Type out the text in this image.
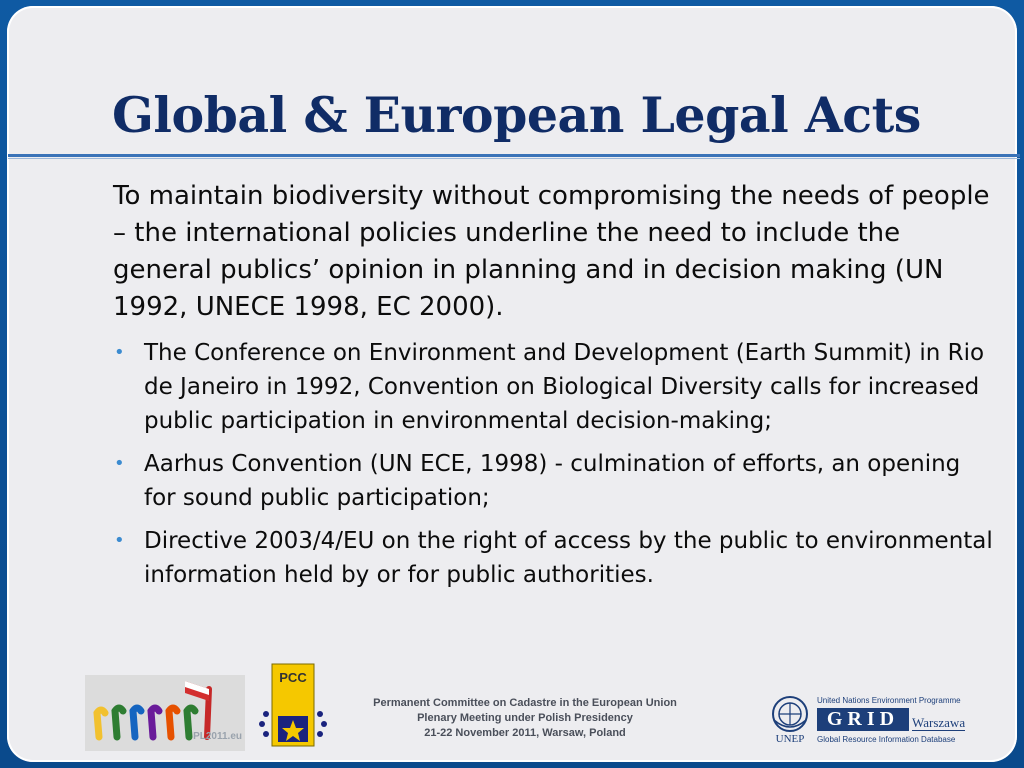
Global & European Legal Acts
To maintain biodiversity without compromising the needs of people – the international policies underline the need to include the general publics’ opinion in planning and in decision making (UN 1992, UNECE 1998, EC 2000).
• The Conference on Environment and Development (Earth Summit) in Rio de Janeiro in 1992, Convention on Biological Diversity calls for increased public participation in environmental decision-making;
• Aarhus Convention (UN ECE, 1998) - culmination of efforts, an opening for sound public participation;
• Directive 2003/4/EU on the right of access by the public to environmental information held by or for public authorities.
PL2011.eu
PCC
Permanent Committee on Cadastre in the European Union
Plenary Meeting under Polish Presidency
21-22 November 2011, Warsaw, Poland	UNEP
United Nations Environment Programme
GRID Warszawa
Global Resource Information Database
